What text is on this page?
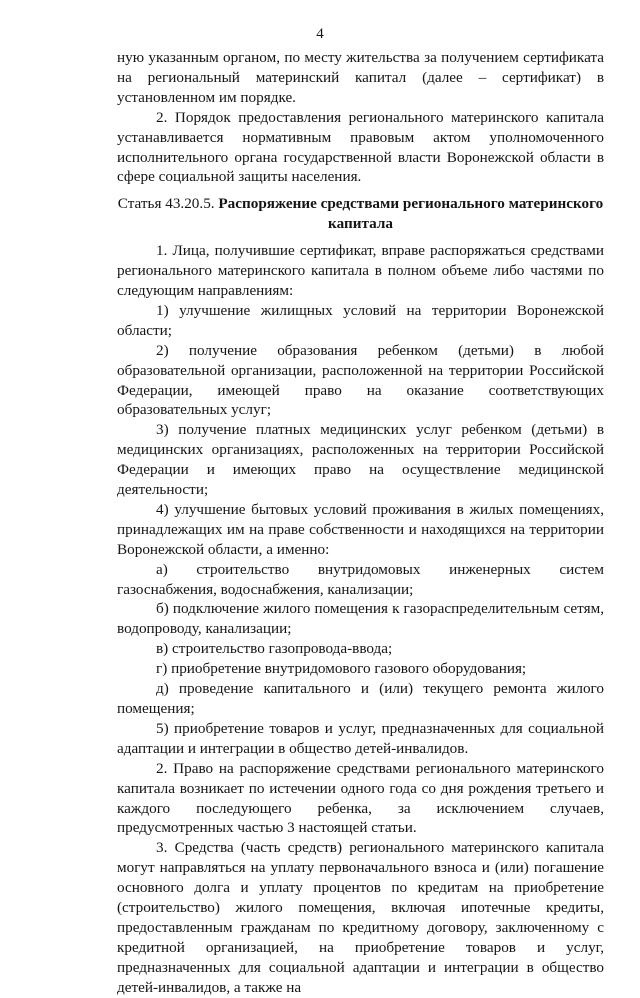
4

ную указанным органом, по месту жительства за получением сертификата на региональный материнский капитал (далее – сертификат) в установленном им порядке.

2. Порядок предоставления регионального материнского капитала устанавливается нормативным правовым актом уполномоченного исполнительного органа государственной власти Воронежской области в сфере социальной защиты населения.

Статья 43.20.5. Распоряжение средствами регионального материнского капитала

1. Лица, получившие сертификат, вправе распоряжаться средствами регионального материнского капитала в полном объеме либо частями по следующим направлениям:

1) улучшение жилищных условий на территории Воронежской области;

2) получение образования ребенком (детьми) в любой образовательной организации, расположенной на территории Российской Федерации, имеющей право на оказание соответствующих образовательных услуг;

3) получение платных медицинских услуг ребенком (детьми) в медицинских организациях, расположенных на территории Российской Федерации и имеющих право на осуществление медицинской деятельности;

4) улучшение бытовых условий проживания в жилых помещениях, принадлежащих им на праве собственности и находящихся на территории Воронежской области, а именно:

а) строительство внутридомовых инженерных систем газоснабжения, водоснабжения, канализации;

б) подключение жилого помещения к газораспределительным сетям, водопроводу, канализации;

в) строительство газопровода-ввода;

г) приобретение внутридомового газового оборудования;

д) проведение капитального и (или) текущего ремонта жилого помещения;

5) приобретение товаров и услуг, предназначенных для социальной адаптации и интеграции в общество детей-инвалидов.

2. Право на распоряжение средствами регионального материнского капитала возникает по истечении одного года со дня рождения третьего и каждого последующего ребенка, за исключением случаев, предусмотренных частью 3 настоящей статьи.

3. Средства (часть средств) регионального материнского капитала могут направляться на уплату первоначального взноса и (или) погашение основного долга и уплату процентов по кредитам на приобретение (строительство) жилого помещения, включая ипотечные кредиты, предоставленным гражданам по кредитному договору, заключенному с кредитной организацией, на приобретение товаров и услуг, предназначенных для социальной адаптации и интеграции в общество детей-инвалидов, а также на
